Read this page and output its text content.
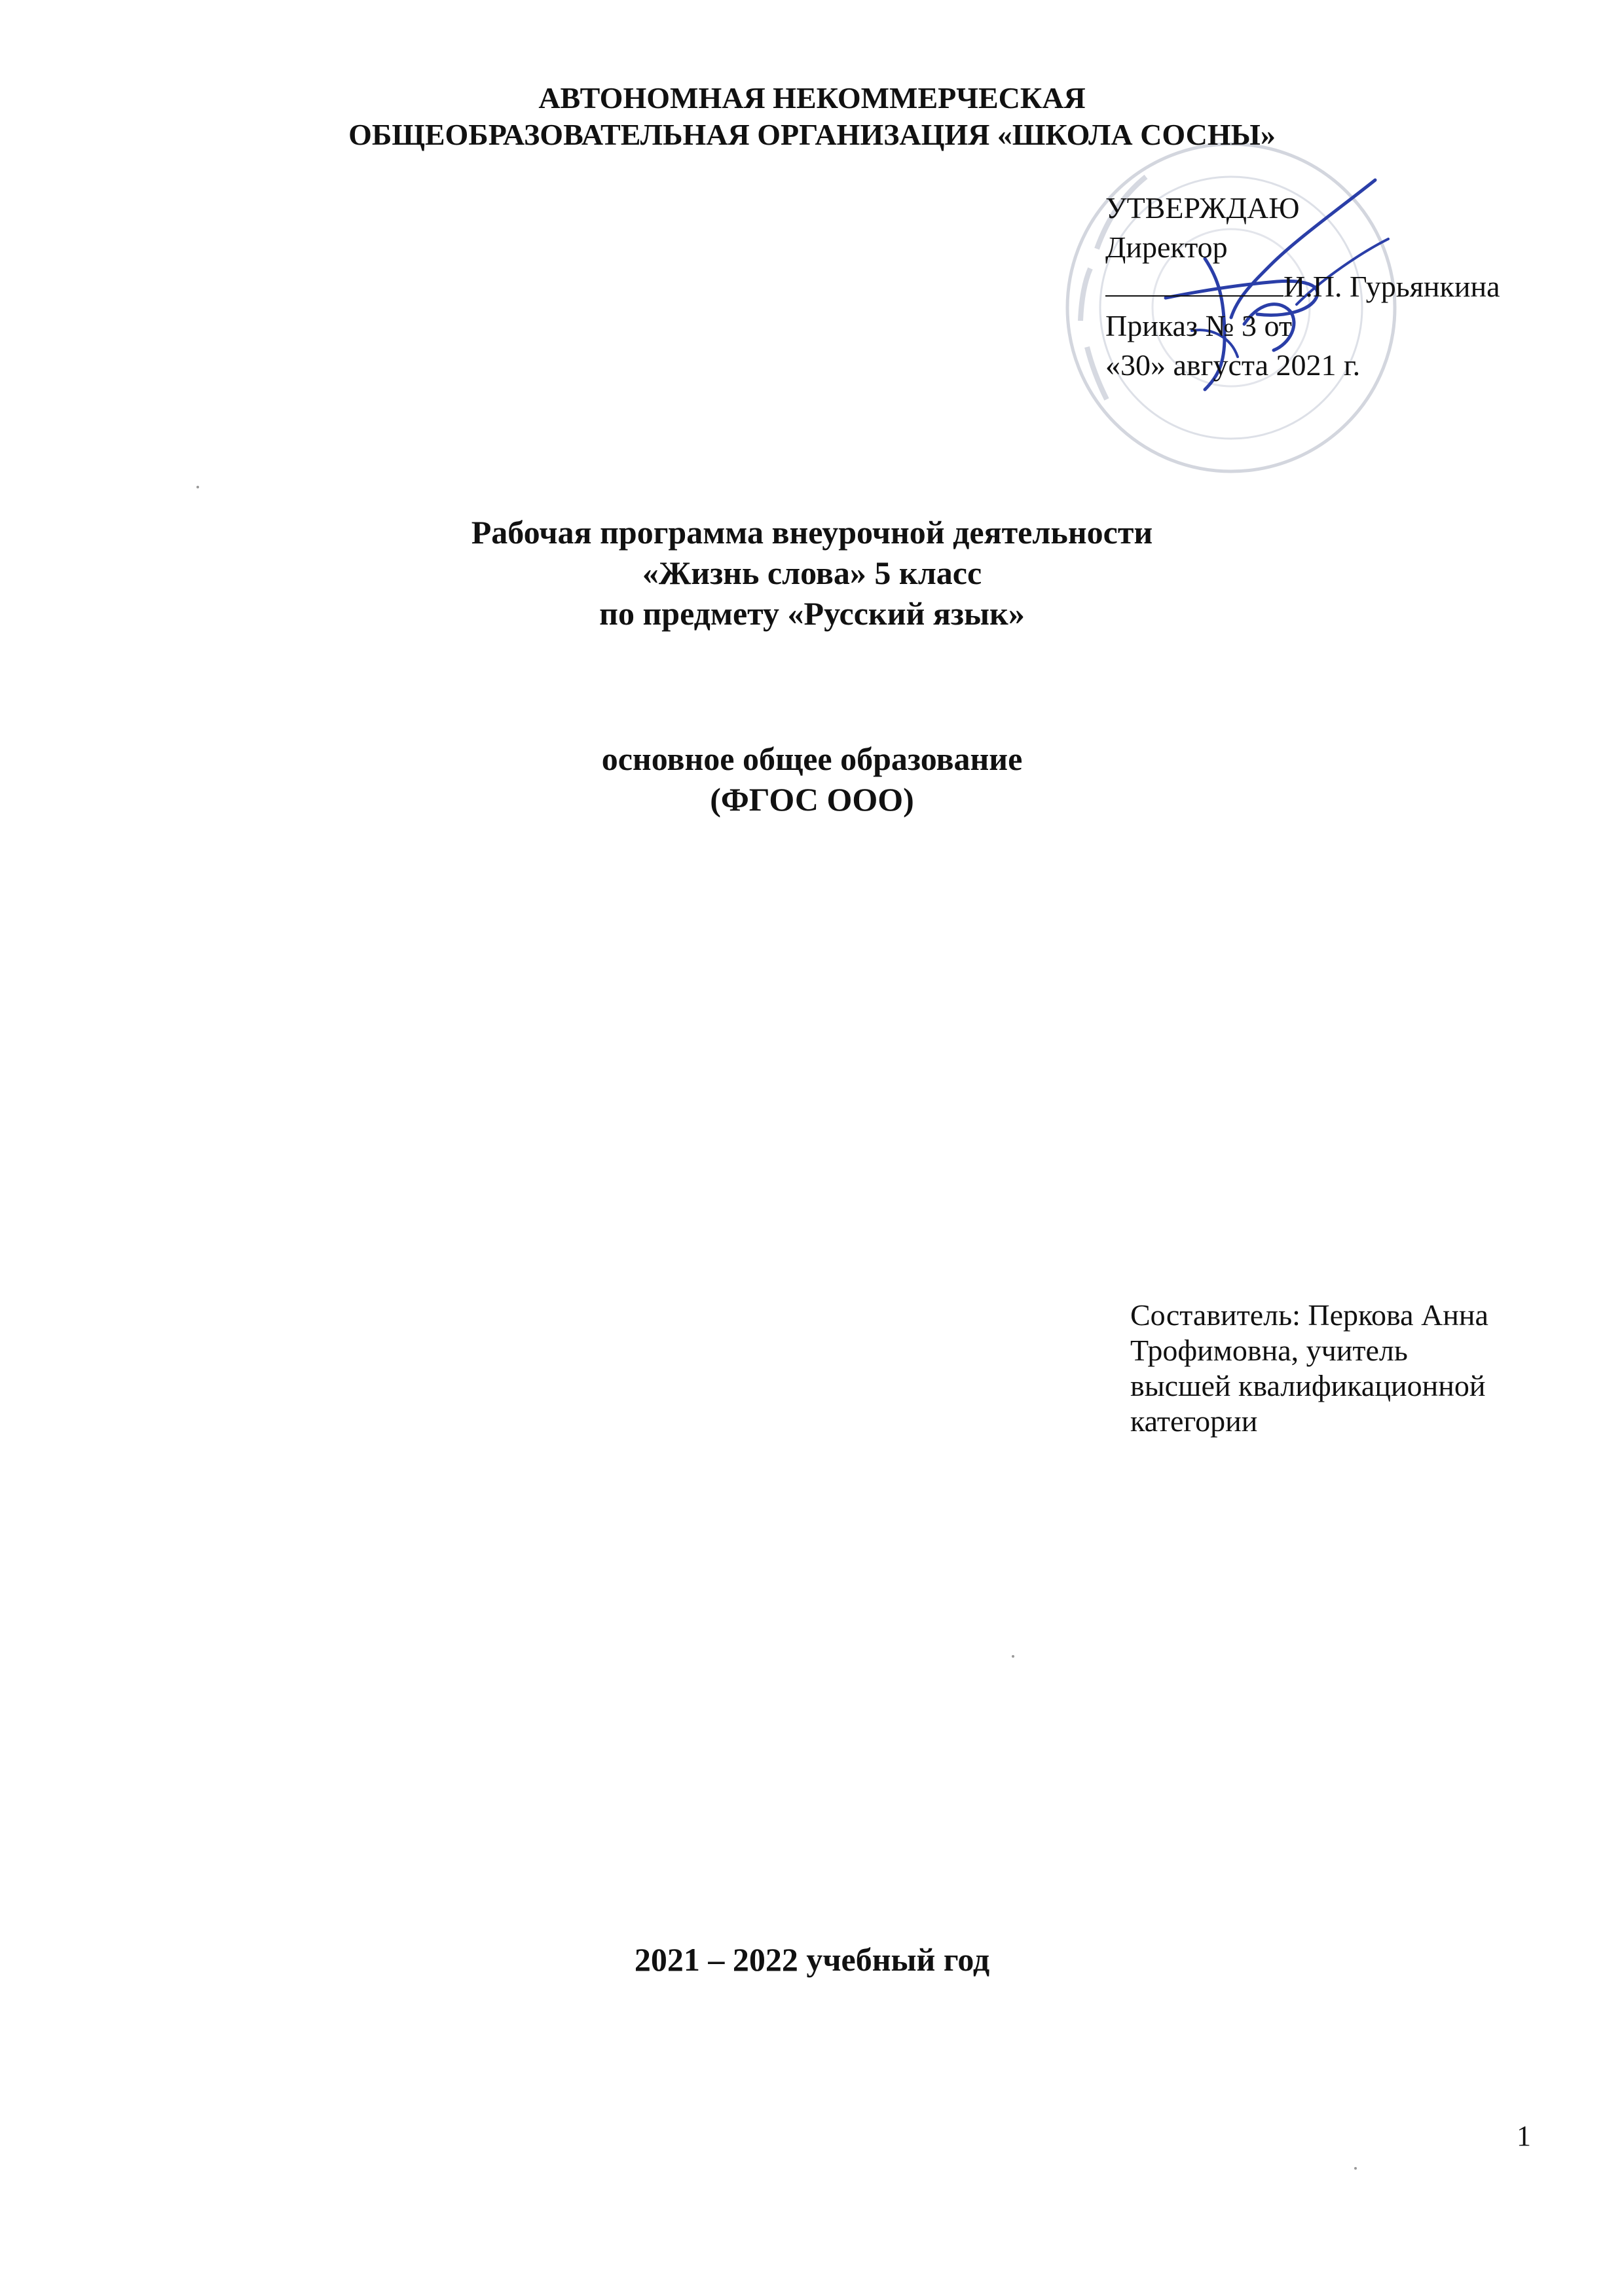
АВТОНОМНАЯ НЕКОММЕРЧЕСКАЯ
ОБЩЕОБРАЗОВАТЕЛЬНАЯ ОРГАНИЗАЦИЯ «ШКОЛА СОСНЫ»
УТВЕРЖДАЮ
Директор
И.П. Гурьянкина
Приказ № 3 от
«30» августа 2021 г.
Рабочая программа внеурочной деятельности
«Жизнь слова» 5 класс
по предмету «Русский язык»
основное общее образование
(ФГОС ООО)
Составитель: Перкова Анна
Трофимовна, учитель
высшей квалификационной
категории
2021 – 2022 учебный год
1
